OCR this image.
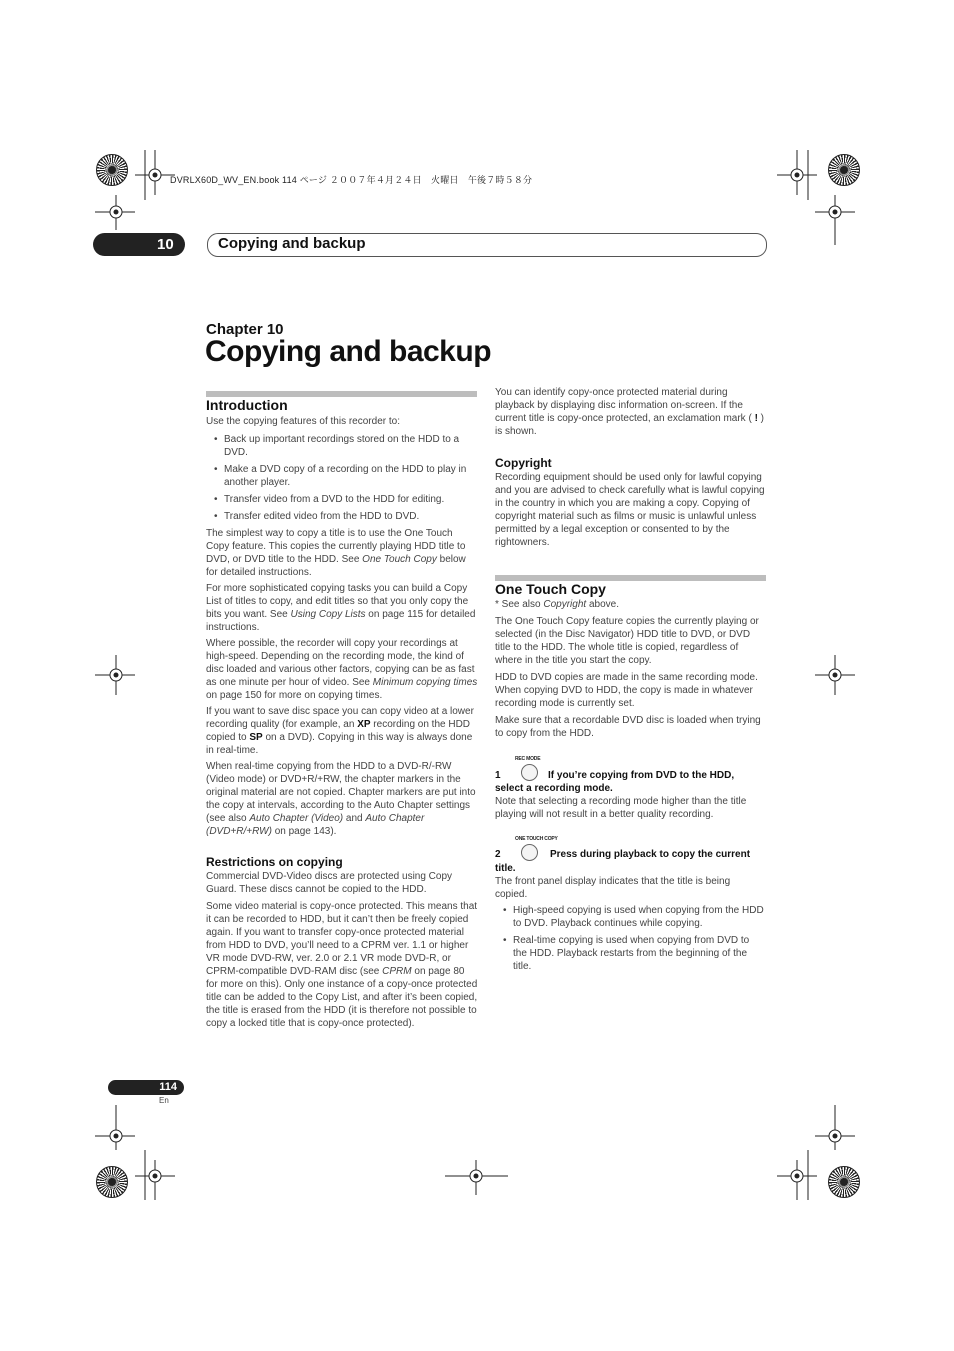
DVRLX60D_WV_EN.book 114 ページ ２００７年４月２４日　火曜日　午後７時５８分
10	Copying and backup
Chapter 10
Copying and backup
Introduction

Use the copying features of this recorder to:

• Back up important recordings stored on the HDD to a DVD.
• Make a DVD copy of a recording on the HDD to play in another player.
• Transfer video from a DVD to the HDD for editing.
• Transfer edited video from the HDD to DVD.

The simplest way to copy a title is to use the One Touch Copy feature. This copies the currently playing HDD title to DVD, or DVD title to the HDD. See One Touch Copy below for detailed instructions.

For more sophisticated copying tasks you can build a Copy List of titles to copy, and edit titles so that you only copy the bits you want. See Using Copy Lists on page 115 for detailed instructions.

Where possible, the recorder will copy your recordings at high-speed. Depending on the recording mode, the kind of disc loaded and various other factors, copying can be as fast as one minute per hour of video. See Minimum copying times on page 150 for more on copying times.

If you want to save disc space you can copy video at a lower recording quality (for example, an XP recording on the HDD copied to SP on a DVD). Copying in this way is always done in real-time.

When real-time copying from the HDD to a DVD-R/-RW (Video mode) or DVD+R/+RW, the chapter markers in the original material are not copied. Chapter markers are put into the copy at intervals, according to the Auto Chapter settings (see also Auto Chapter (Video) and Auto Chapter (DVD+R/+RW) on page 143).

Restrictions on copying

Commercial DVD-Video discs are protected using Copy Guard. These discs cannot be copied to the HDD.

Some video material is copy-once protected. This means that it can be recorded to HDD, but it can’t then be freely copied again. If you want to transfer copy-once protected material from HDD to DVD, you’ll need to a CPRM ver. 1.1 or higher VR mode DVD-RW, ver. 2.0 or 2.1 VR mode DVD-R, or CPRM-compatible DVD-RAM disc (see CPRM on page 80 for more on this). Only one instance of a copy-once protected title can be added to the Copy List, and after it’s been copied, the title is erased from the HDD (it is therefore not possible to copy a locked title that is copy-once protected).

You can identify copy-once protected material during playback by displaying disc information on-screen. If the current title is copy-once protected, an exclamation mark ( ! ) is shown.

Copyright

Recording equipment should be used only for lawful copying and you are advised to check carefully what is lawful copying in the country in which you are making a copy. Copying of copyright material such as films or music is unlawful unless permitted by a legal exception or consented to by the rightowners.

One Touch Copy

* See also Copyright above.

The One Touch Copy feature copies the currently playing or selected (in the Disc Navigator) HDD title to DVD, or DVD title to the HDD. The whole title is copied, regardless of where in the title you start the copy.

HDD to DVD copies are made in the same recording mode. When copying DVD to HDD, the copy is made in whatever recording mode is currently set.

Make sure that a recordable DVD disc is loaded when trying to copy from the HDD.

REC MODE
1	If you’re copying from DVD to the HDD,
select a recording mode.

Note that selecting a recording mode higher than the title playing will not result in a better quality recording.

ONE TOUCH COPY
2	Press during playback to copy the current
title.

The front panel display indicates that the title is being copied.

• High-speed copying is used when copying from the HDD to DVD. Playback continues while copying.
• Real-time copying is used when copying from DVD to the HDD. Playback restarts from the beginning of the title.
114
En
